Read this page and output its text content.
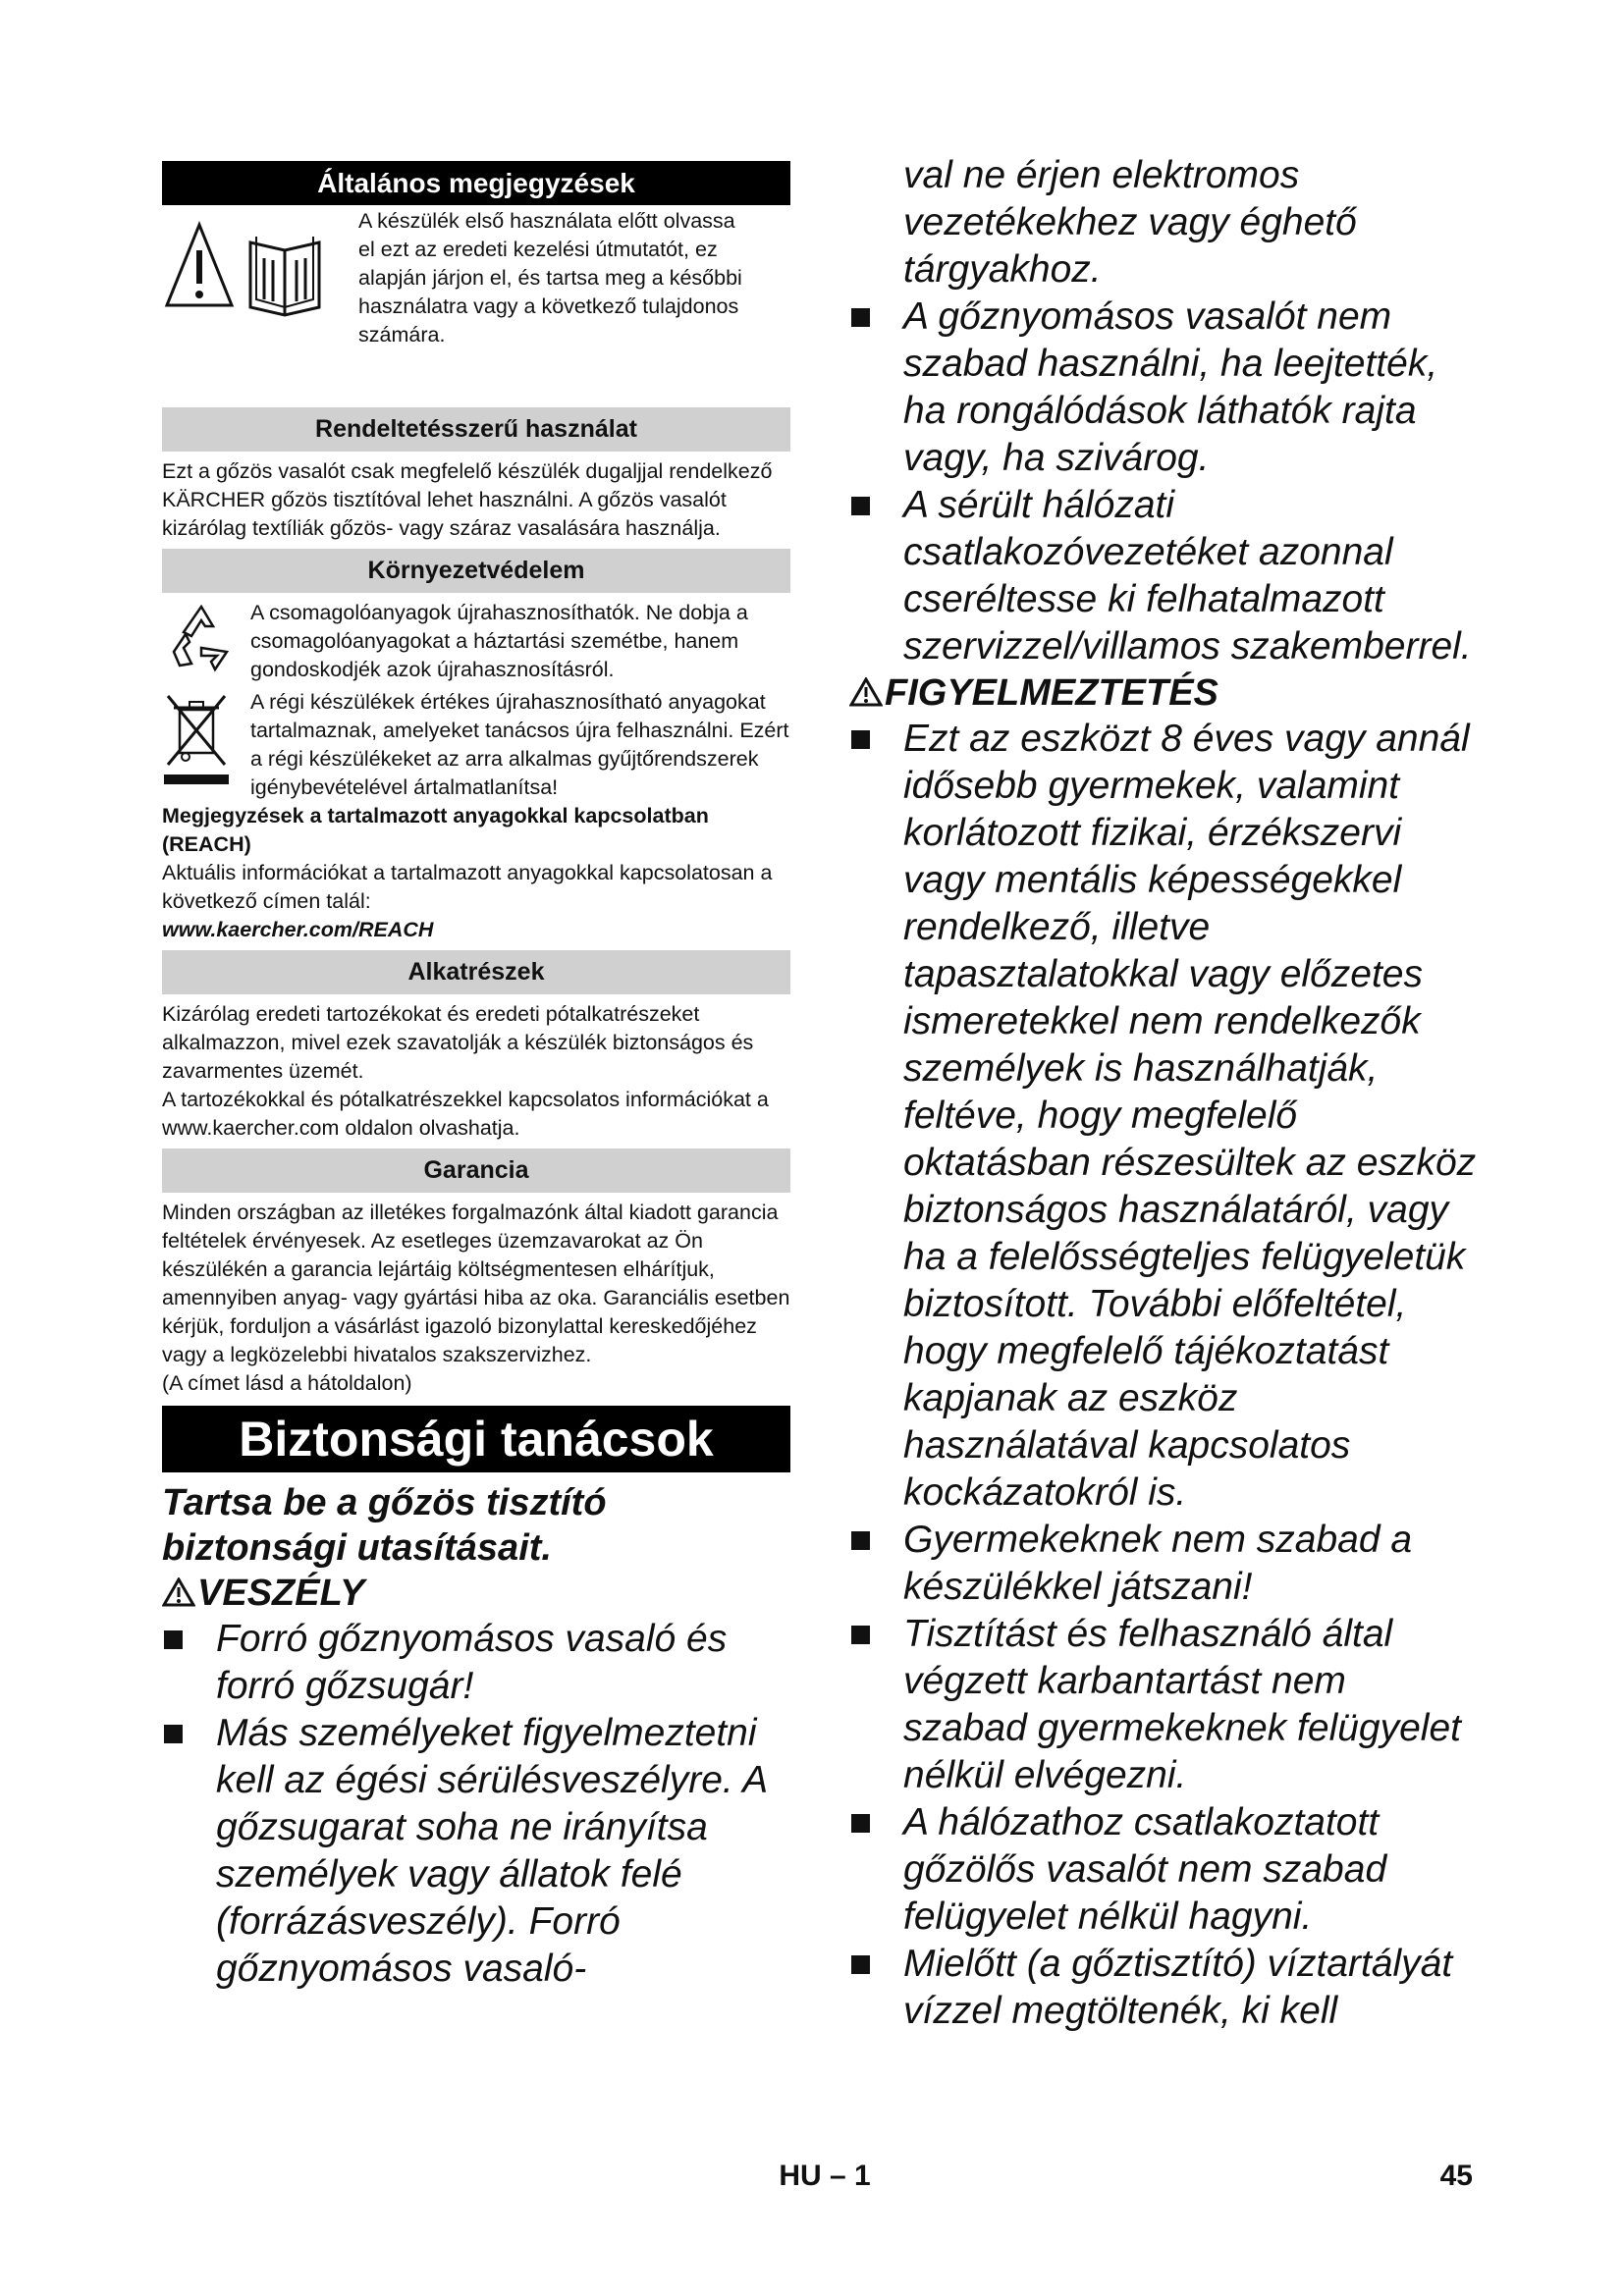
Általános megjegyzések

A készülék első használata előtt olvassa el ezt az eredeti kezelési útmutatót, ez alapján járjon el, és tartsa meg a későbbi használatra vagy a következő tulajdonos számára.

Rendeltetésszerű használat

Ezt a gőzös vasalót csak megfelelő készülék dugaljjal rendelkező KÄRCHER gőzös tisztítóval lehet használni. A gőzös vasalót kizárólag textíliák gőzös- vagy száraz vasalására használja.

Környezetvédelem

A csomagolóanyagok újrahasznosíthatók. Ne dobja a csomagolóanyagokat a háztartási szemétbe, hanem gondoskodjék azok újrahasznosításról.

A régi készülékek értékes újrahasznosítható anyagokat tartalmaznak, amelyeket tanácsos újra felhasználni. Ezért a régi készülékeket az arra alkalmas gyűjtőrendszerek igénybevételével ártalmatlanítsa!

Megjegyzések a tartalmazott anyagokkal kapcsolatban (REACH)

Aktuális információkat a tartalmazott anyagokkal kapcsolatosan a következő címen talál:

www.kaercher.com/REACH

Alkatrészek

Kizárólag eredeti tartozékokat és eredeti pótalkatrészeket alkalmazzon, mivel ezek szavatolják a készülék biztonságos és zavarmentes üzemét.

A tartozékokkal és pótalkatrészekkel kapcsolatos információkat a www.kaercher.com oldalon olvashatja.

Garancia

Minden országban az illetékes forgalmazónk által kiadott garancia feltételek érvényesek. Az esetleges üzemzavarokat az Ön készülékén a garancia lejártáig költségmentesen elhárítjuk, amennyiben anyag- vagy gyártási hiba az oka. Garanciális esetben kérjük, forduljon a vásárlást igazoló bizonylattal kereskedőjéhez vagy a legközelebbi hivatalos szakszervizhez.

(A címet lásd a hátoldalon)

Biztonsági tanácsok

Tartsa be a gőzös tisztító biztonsági utasításait.

VESZÉLY

Forró gőznyomásos vasaló és forró gőzsugár!
Más személyeket figyelmeztetni kell az égési sérülésveszélyre. A gőzsugarat soha ne irányítsa személyek vagy állatok felé (forrázásveszély). Forró gőznyomásos vasaló-

val ne érjen elektromos vezetékekhez vagy éghető tárgyakhoz.

A gőznyomásos vasalót nem szabad használni, ha leejtették, ha rongálódások láthatók rajta vagy, ha szivárog.
A sérült hálózati csatlakozóvezetéket azonnal cseréltesse ki felhatalmazott szervizzel/villamos szakemberrel.

FIGYELMEZTETÉS

Ezt az eszközt 8 éves vagy annál idősebb gyermekek, valamint korlátozott fizikai, érzékszervi vagy mentális képességekkel rendelkező, illetve tapasztalatokkal vagy előzetes ismeretekkel nem rendelkezők személyek is használhatják, feltéve, hogy megfelelő oktatásban részesültek az eszköz biztonságos használatáról, vagy ha a felelősségteljes felügyeletük biztosított. További előfeltétel, hogy megfelelő tájékoztatást kapjanak az eszköz használatával kapcsolatos kockázatokról is.
Gyermekeknek nem szabad a készülékkel játszani!
Tisztítást és felhasználó által végzett karbantartást nem szabad gyermekeknek felügyelet nélkül elvégezni.
A hálózathoz csatlakoztatott gőzölős vasalót nem szabad felügyelet nélkül hagyni.
Mielőtt (a gőztisztító) víztartályát vízzel megtöltenék, ki kell
HU – 1	45
